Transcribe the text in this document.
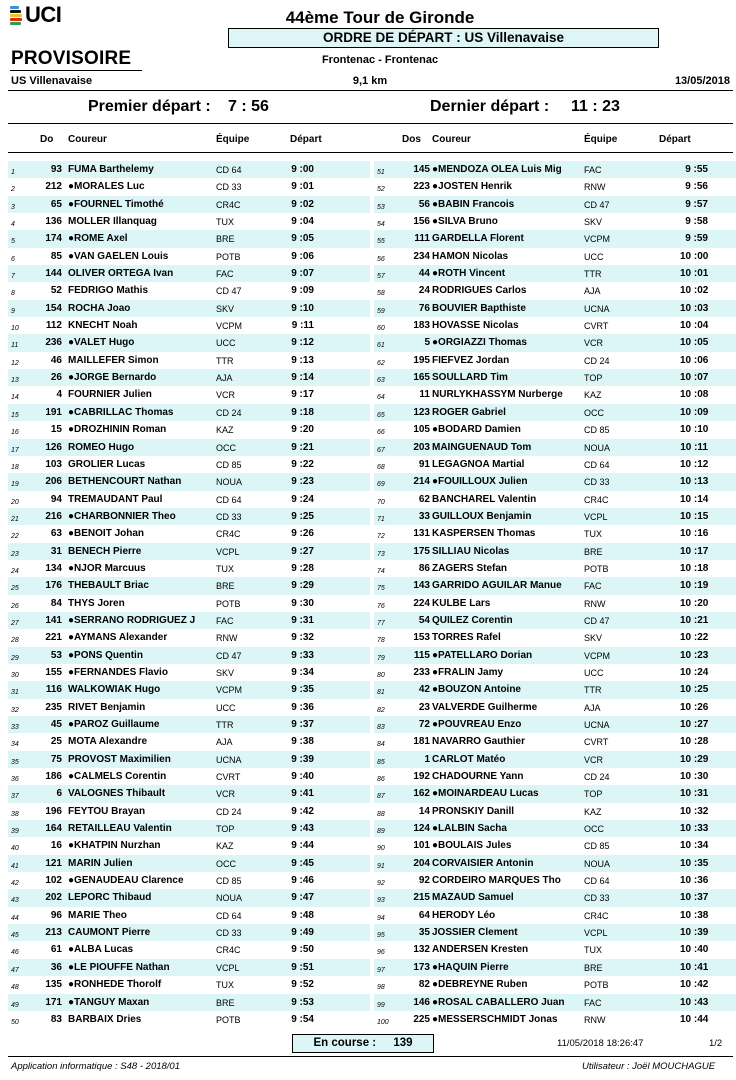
UCI	44ème Tour de Gironde
ORDRE DE DÉPART : US Villenavaise
PROVISOIRE	Frontenac - Frontenac
US Villenavaise	9,1 km	13/05/2018
Premier départ : 7 : 56	Dernier départ : 11 : 23
Do Coureur	Équipe	Départ	Dos Coureur	Équipe	Départ
1	93 FUMA Barthelemy	CD 64	9 :00
2	212 ●MORALES Luc	CD 33	9 :01
3	65 ●FOURNEL Timothé	CR4C	9 :02
4	136 MOLLER Illanquag	TUX	9 :04
5	174 ●ROME Axel	BRE	9 :05
6	85 ●VAN GAELEN Louis	POTB	9 :06
7	144 OLIVER ORTEGA Ivan	FAC	9 :07
8	52 FEDRIGO Mathis	CD 47	9 :09
9	154 ROCHA Joao	SKV	9 :10
10	112 KNECHT Noah	VCPM	9 :11
11	236 ●VALET Hugo	UCC	9 :12
12	46 MAILLEFER Simon	TTR	9 :13
13	26 ●JORGE Bernardo	AJA	9 :14
14	4 FOURNIER Julien	VCR	9 :17
15	191 ●CABRILLAC Thomas	CD 24	9 :18
16	15 ●DROZHININ Roman	KAZ	9 :20
17	126 ROMEO Hugo	OCC	9 :21
18	103 GROLIER Lucas	CD 85	9 :22
19	206 BETHENCOURT Nathan	NOUA	9 :23
20	94 TREMAUDANT Paul	CD 64	9 :24
21	216 ●CHARBONNIER Theo	CD 33	9 :25
22	63 ●BENOIT Johan	CR4C	9 :26
23	31 BENECH Pierre	VCPL	9 :27
24	134 ●NJOR Marcuus	TUX	9 :28
25	176 THEBAULT Briac	BRE	9 :29
26	84 THYS Joren	POTB	9 :30
27	141 ●SERRANO RODRIGUEZ J FAC	9 :31
28	221 ●AYMANS Alexander	RNW	9 :32
29	53 ●PONS Quentin	CD 47	9 :33
30	155 ●FERNANDES Flavio	SKV	9 :34
31	116 WALKOWIAK Hugo	VCPM	9 :35
32	235 RIVET Benjamin	UCC	9 :36
33	45 ●PAROZ Guillaume	TTR	9 :37
34	25 MOTA Alexandre	AJA	9 :38
35	75 PROVOST Maximilien	UCNA	9 :39
36	186 ●CALMELS Corentin	CVRT	9 :40
37	6 VALOGNES Thibault	VCR	9 :41
38	196 FEYTOU Brayan	CD 24	9 :42
39	164 RETAILLEAU Valentin	TOP	9 :43
40	16 ●KHATPIN Nurzhan	KAZ	9 :44
41	121 MARIN Julien	OCC	9 :45
42	102 ●GENAUDEAU Clarence	CD 85	9 :46
43	202 LEPORC Thibaud	NOUA	9 :47
44	96 MARIE Theo	CD 64	9 :48
45	213 CAUMONT Pierre	CD 33	9 :49
46	61 ●ALBA Lucas	CR4C	9 :50
47	36 ●LE PIOUFFE Nathan	VCPL	9 :51
48	135 ●RONHEDE Thorolf	TUX	9 :52
49	171 ●TANGUY Maxan	BRE	9 :53
50	83 BARBAIX Dries	POTB	9 :54
51	145 ●MENDOZA OLEA Luis Mig FAC	9 :55
52	223 ●JOSTEN Henrik	RNW	9 :56
53	56 ●BABIN Francois	CD 47	9 :57
54	156 ●SILVA Bruno	SKV	9 :58
55	111 GARDELLA Florent	VCPM	9 :59
56	234 HAMON Nicolas	UCC	10 :00
57	44 ●ROTH Vincent	TTR	10 :01
58	24 RODRIGUES Carlos	AJA	10 :02
59	76 BOUVIER Bapthiste	UCNA	10 :03
60	183 HOVASSE Nicolas	CVRT	10 :04
61	5 ●ORGIAZZI Thomas	VCR	10 :05
62	195 FIEFVEZ Jordan	CD 24	10 :06
63	165 SOULLARD Tim	TOP	10 :07
64	11 NURLYKHASSYM Nurberge KAZ	10 :08
65	123 ROGER Gabriel	OCC	10 :09
66	105 ●BODARD Damien	CD 85	10 :10
67	203 MAINGUENAUD Tom	NOUA	10 :11
68	91 LEGAGNOA Martial	CD 64	10 :12
69	214 ●FOUILLOUX Julien	CD 33	10 :13
70	62 BANCHAREL Valentin	CR4C	10 :14
71	33 GUILLOUX Benjamin	VCPL	10 :15
72	131 KASPERSEN Thomas	TUX	10 :16
73	175 SILLIAU Nicolas	BRE	10 :17
74	86 ZAGERS Stefan	POTB	10 :18
75	143 GARRIDO AGUILAR Manue FAC	10 :19
76	224 KULBE Lars	RNW	10 :20
77	54 QUILEZ Corentin	CD 47	10 :21
78	153 TORRES Rafel	SKV	10 :22
79	115 ●PATELLARO Dorian	VCPM	10 :23
80	233 ●FRALIN Jamy	UCC	10 :24
81	42 ●BOUZON Antoine	TTR	10 :25
82	23 VALVERDE Guilherme	AJA	10 :26
83	72 ●POUVREAU Enzo	UCNA	10 :27
84	181 NAVARRO Gauthier	CVRT	10 :28
85	1 CARLOT Matéo	VCR	10 :29
86	192 CHADOURNE Yann	CD 24	10 :30
87	162 ●MOINARDEAU Lucas	TOP	10 :31
88	14 PRONSKIY Danill	KAZ	10 :32
89	124 ●LALBIN Sacha	OCC	10 :33
90	101 ●BOULAIS Jules	CD 85	10 :34
91	204 CORVAISIER Antonin	NOUA	10 :35
92	92 CORDEIRO MARQUES Tho	CD 64	10 :36
93	215 MAZAUD Samuel	CD 33	10 :37
94	64 HERODY Léo	CR4C	10 :38
95	35 JOSSIER Clement	VCPL	10 :39
96	132 ANDERSEN Kresten	TUX	10 :40
97	173 ●HAQUIN Pierre	BRE	10 :41
98	82 ●DEBREYNE Ruben	POTB	10 :42
99	146 ●ROSAL CABALLERO Juan FAC	10 :43
100	225 ●MESSERSCHMIDT Jonas	RNW	10 :44
En course : 139	11/05/2018 18:26:47	1/2
Application informatique : S48 - 2018/01	Utilisateur : Joël MOUCHAGUE
